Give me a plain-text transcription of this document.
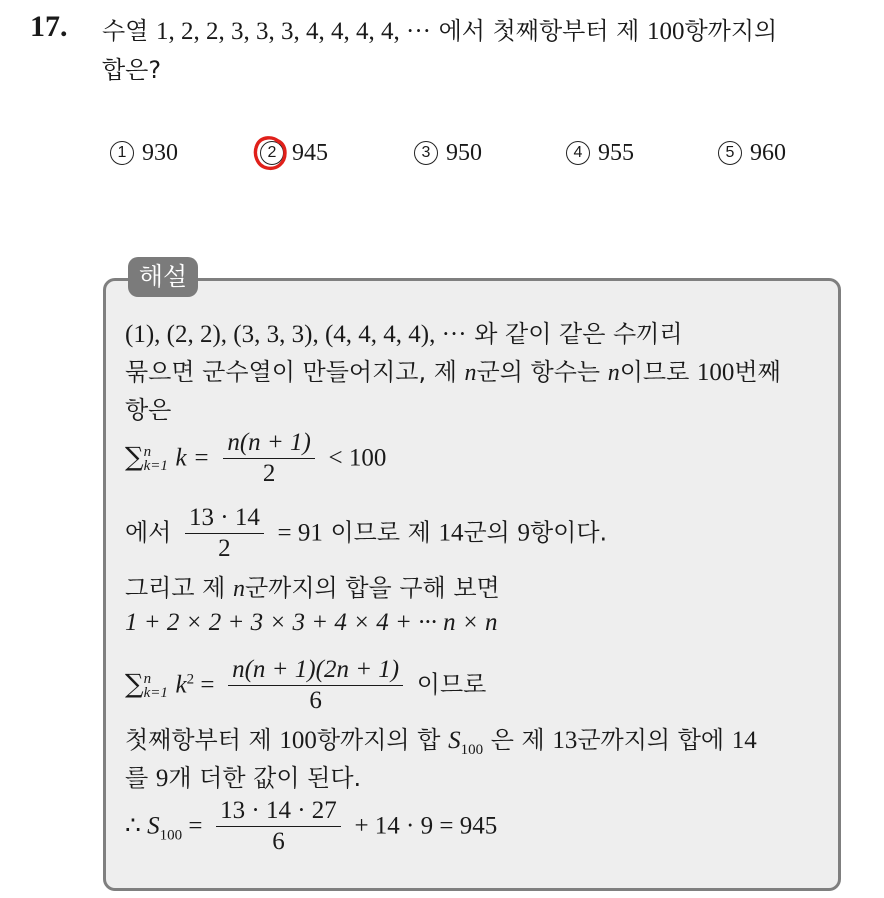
17. 수열 1, 2, 2, 3, 3, 3, 4, 4, 4, 4, ··· 에서 첫째항부터 제 100항까지의
합은?
1 930	2 945	3 950	4 955	5 960
해설
(1), (2, 2), (3, 3, 3), (4, 4, 4, 4), ··· 와 같이 같은 수끼리
묶으면 군수열이 만들어지고, 제 n군의 항수는 n이므로 100번째
항은
∑ n
k=1 $k = \frac{n(n + 1)}{2} < 100$
에서 $\frac{13 \cdot 14}{2} = 91$ 이므로 제 14군의 9항이다.
그리고 제 n군까지의 합을 구해 보면
1 + 2 × 2 + 3 × 3 + 4 × 4 + ··· n × n
∑ n
k=1 $k^2 = \frac{n(n + 1)(2n + 1)}{6}$ 이므로
첫째항부터 제 100항까지의 합 $S_{100}$ 은 제 13군까지의 합에 14
를 9개 더한 값이 된다.
∴ $S_{100} = \frac{13 \cdot 14 \cdot 27}{6} + 14 \cdot 9 = 945$
